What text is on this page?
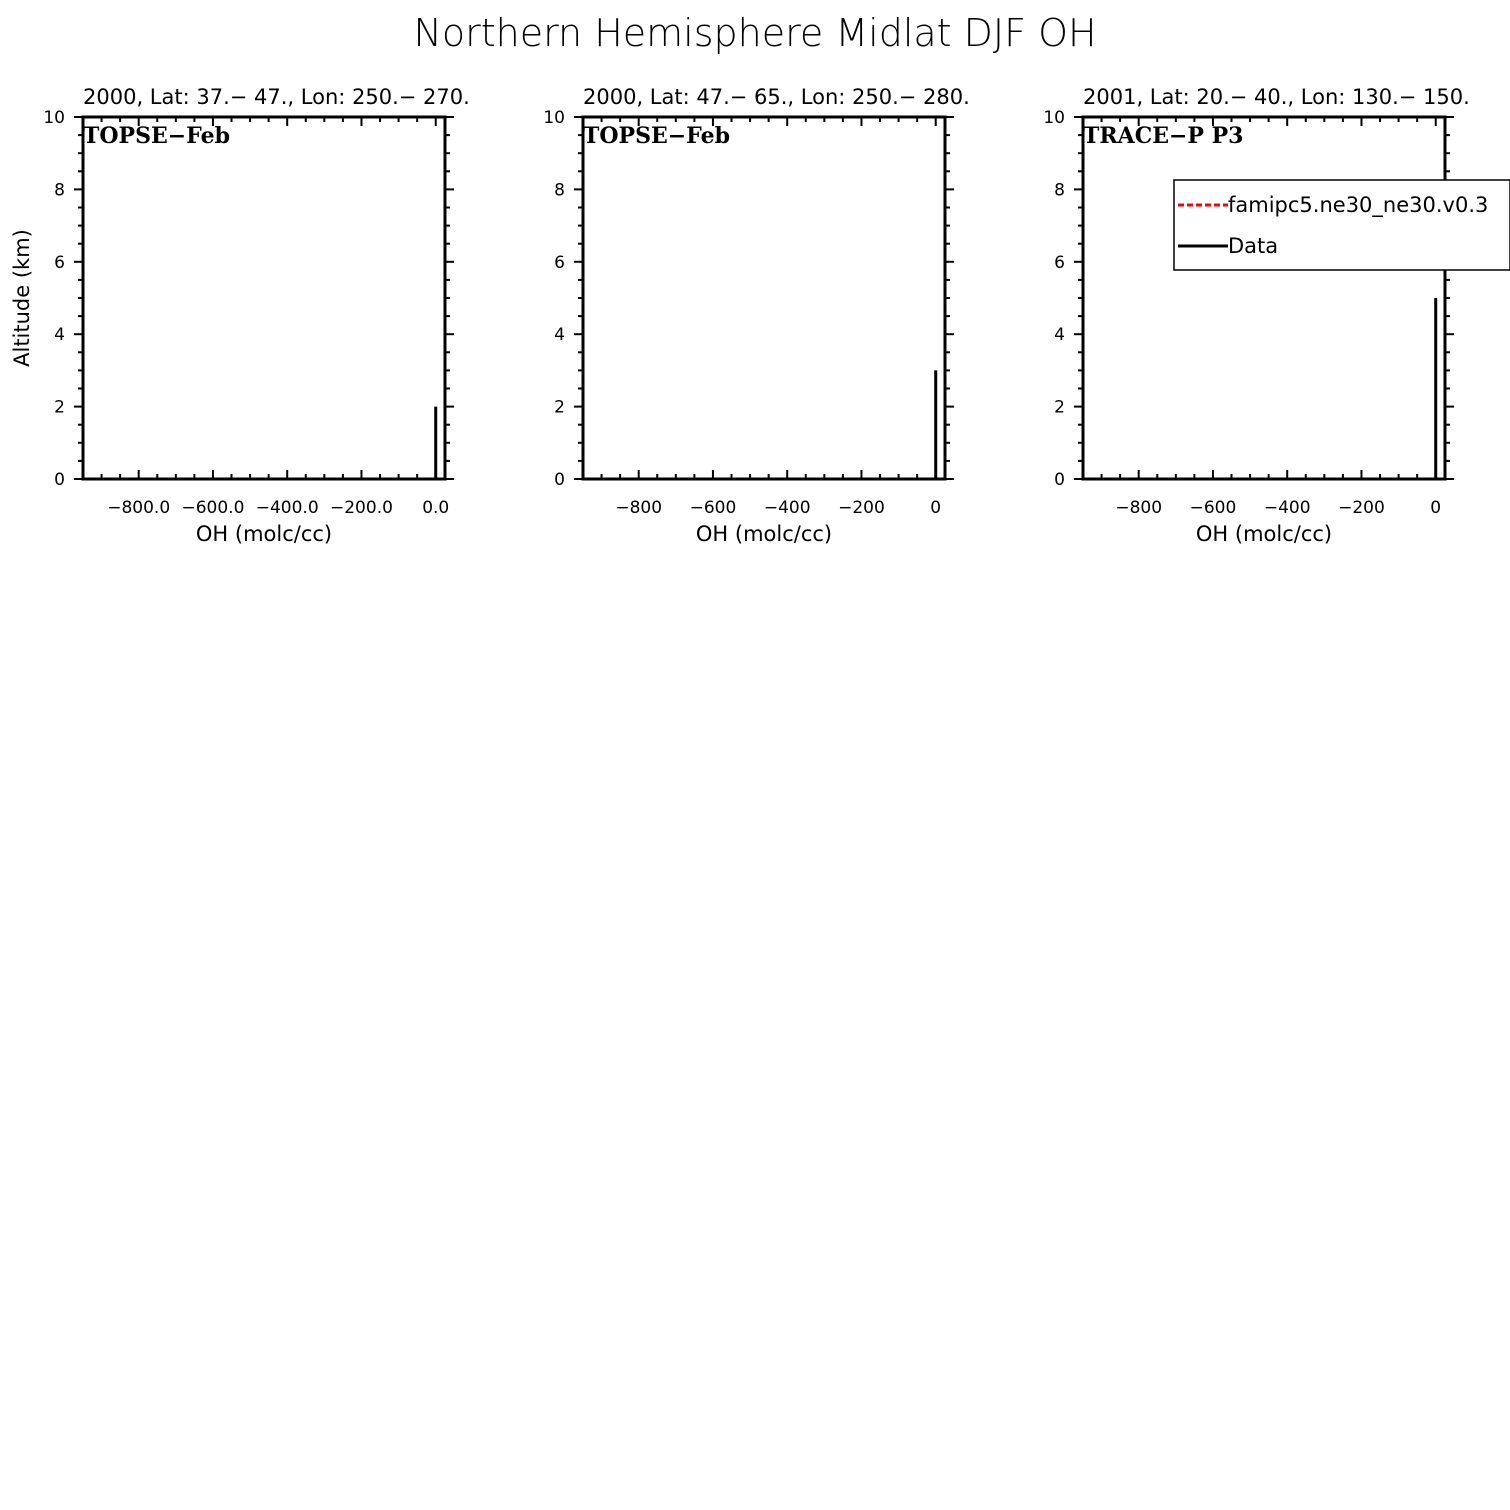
Northern Hemisphere Midlat DJF OH
2000, Lat: 37.− 47., Lon: 250.− 270.
0
2
4
6
8
10
−800.0 −600.0 −400.0 −200.0 0.0
OH (molc/cc)
Altitude (km)
TOPSE−Feb
2000, Lat: 47.− 65., Lon: 250.− 280.
0
2
4
6
8
10
−800 −600 −400 −200	0
OH (molc/cc)
TOPSE−Feb
2001, Lat: 20.− 40., Lon: 130.− 150.
0
2
4
6
8
10
−800 −600 −400 −200	0
OH (molc/cc)
TRACE−P P3
famipc5.ne30_ne30.v0.3
Data
